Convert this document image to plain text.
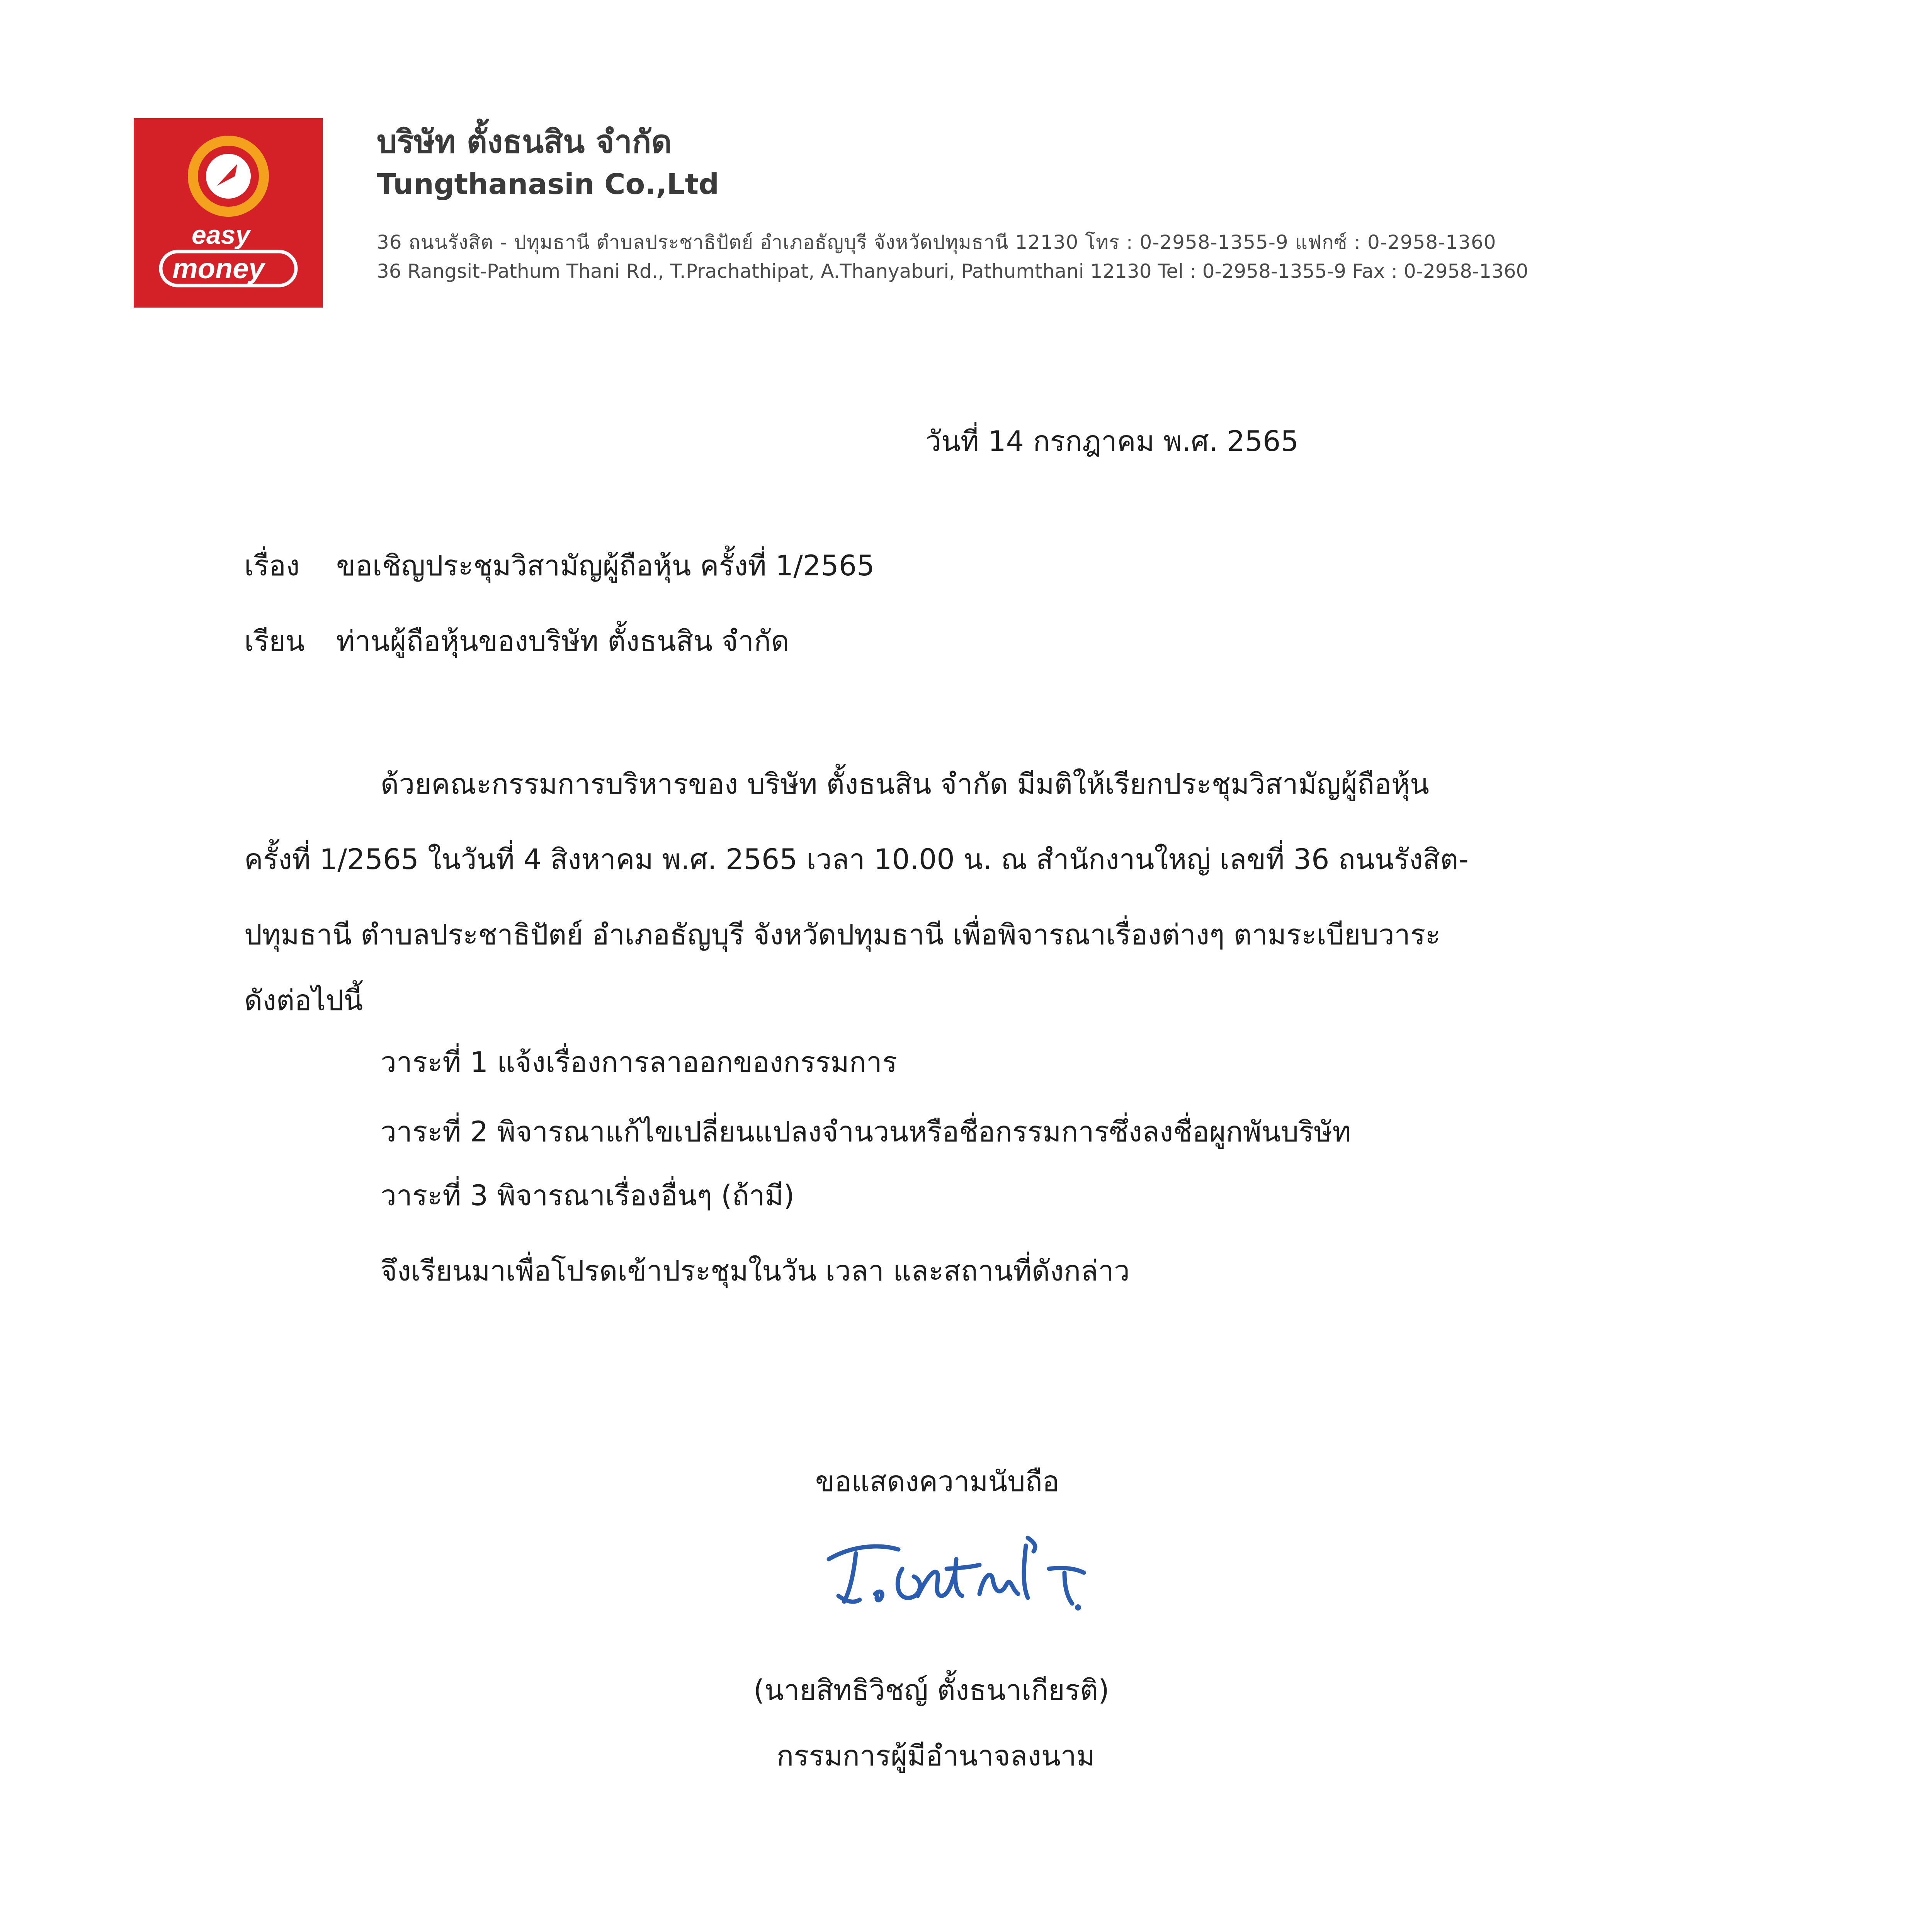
easy
money
บริษัท ตั้งธนสิน จำกัด
Tungthanasin Co.,Ltd
36 ถนนรังสิต - ปทุมธานี ตำบลประชาธิปัตย์ อำเภอธัญบุรี จังหวัดปทุมธานี 12130 โทร : 0-2958-1355-9 แฟกซ์ : 0-2958-1360
36 Rangsit-Pathum Thani Rd., T.Prachathipat, A.Thanyaburi, Pathumthani 12130 Tel : 0-2958-1355-9 Fax : 0-2958-1360
วันที่ 14 กรกฎาคม พ.ศ. 2565
เรื่อง ขอเชิญประชุมวิสามัญผู้ถือหุ้น ครั้งที่ 1/2565
เรียน ท่านผู้ถือหุ้นของบริษัท ตั้งธนสิน จำกัด
ด้วยคณะกรรมการบริหารของ บริษัท ตั้งธนสิน จำกัด มีมติให้เรียกประชุมวิสามัญผู้ถือหุ้น
ครั้งที่ 1/2565 ในวันที่ 4 สิงหาคม พ.ศ. 2565 เวลา 10.00 น. ณ สำนักงานใหญ่ เลขที่ 36 ถนนรังสิต-
ปทุมธานี ตำบลประชาธิปัตย์ อำเภอธัญบุรี จังหวัดปทุมธานี เพื่อพิจารณาเรื่องต่างๆ ตามระเบียบวาระ
ดังต่อไปนี้
วาระที่ 1 แจ้งเรื่องการลาออกของกรรมการ
วาระที่ 2 พิจารณาแก้ไขเปลี่ยนแปลงจำนวนหรือชื่อกรรมการซึ่งลงชื่อผูกพันบริษัท
วาระที่ 3 พิจารณาเรื่องอื่นๆ (ถ้ามี)
จึงเรียนมาเพื่อโปรดเข้าประชุมในวัน เวลา และสถานที่ดังกล่าว
ขอแสดงความนับถือ
(นายสิทธิวิชญ์ ตั้งธนาเกียรติ)
กรรมการผู้มีอำนาจลงนาม
